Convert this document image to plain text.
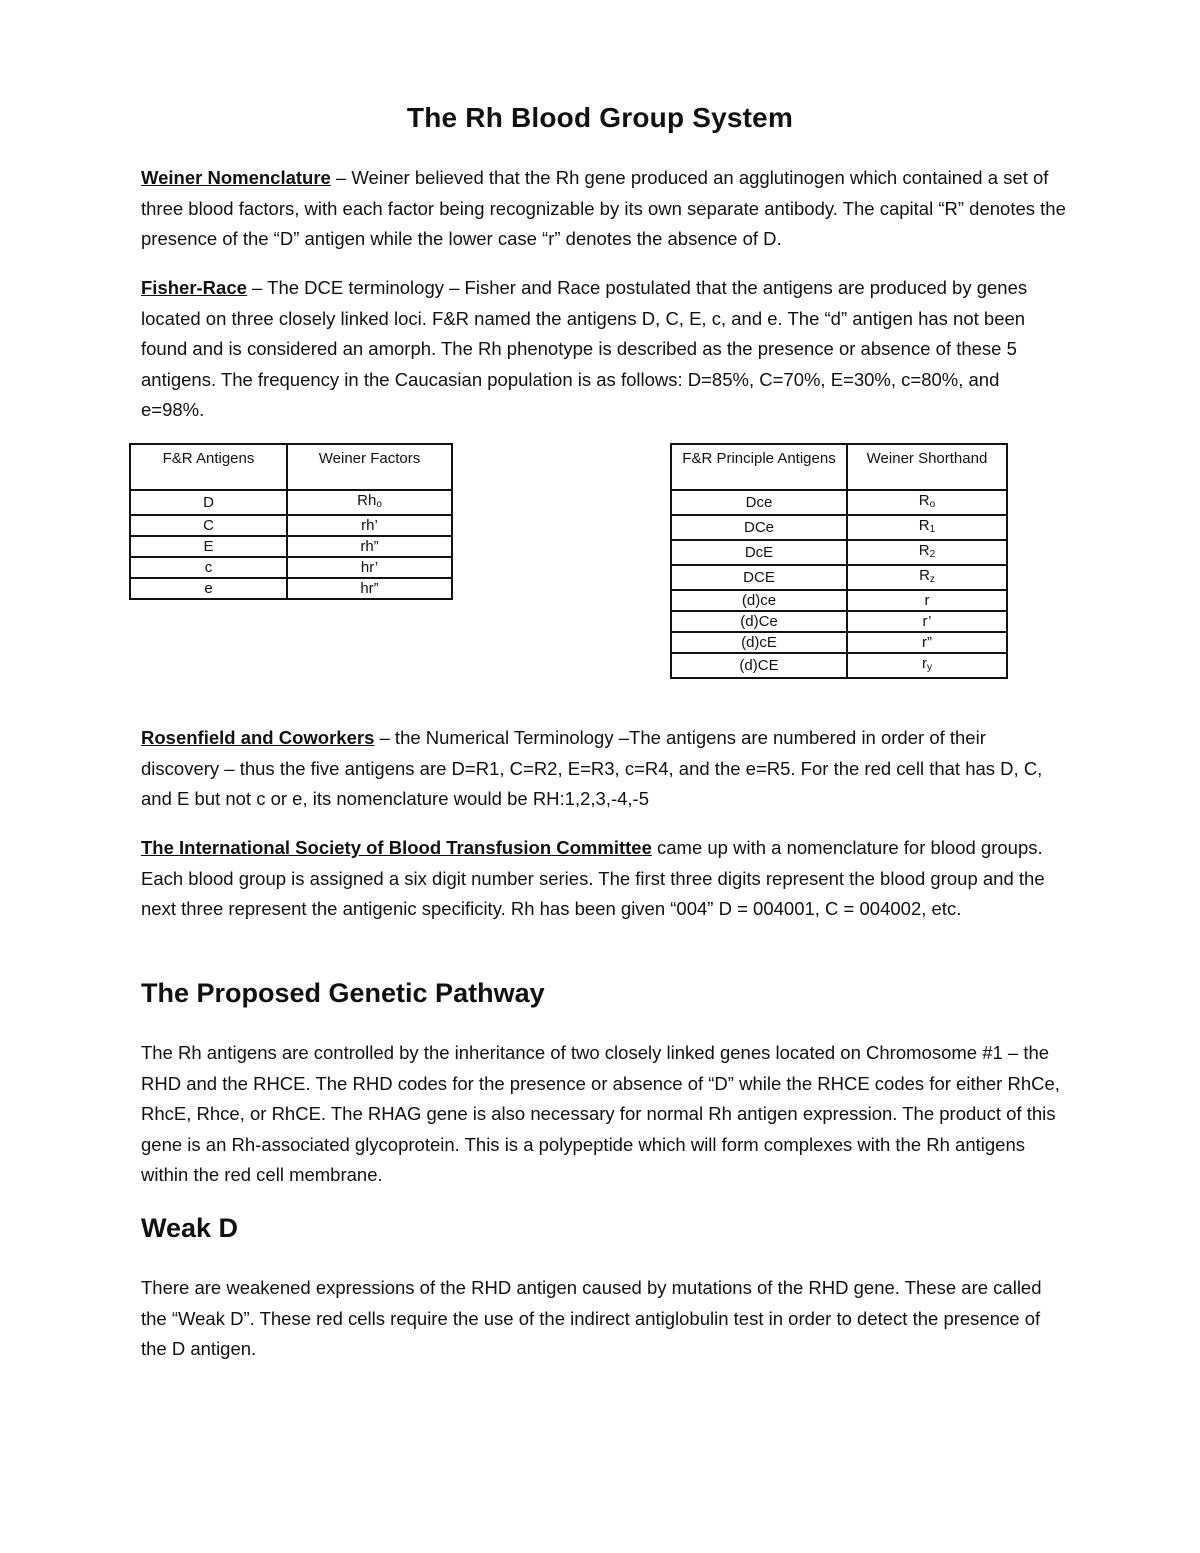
The Rh Blood Group System

Weiner Nomenclature – Weiner believed that the Rh gene produced an agglutinogen which contained a set of three blood factors, with each factor being recognizable by its own separate antibody. The capital “R” denotes the presence of the “D” antigen while the lower case “r” denotes the absence of D.

Fisher-Race – The DCE terminology – Fisher and Race postulated that the antigens are produced by genes located on three closely linked loci. F&R named the antigens D, C, E, c, and e. The “d” antigen has not been found and is considered an amorph. The Rh phenotype is described as the presence or absence of these 5 antigens. The frequency in the Caucasian population is as follows: D=85%, C=70%, E=30%, c=80%, and e=98%.

F&R Antigens	Weiner Factors
D	$Rh_o$
C	rh’
E	rh”
c	hr’
e	hr”
F&R Principle Antigens	Weiner Shorthand
Dce	$R_o$
DCe	$R_1$
DcE	$R_2$
DCE	$R_z$
(d)ce	r
(d)Ce	r’
(d)cE	r”
(d)CE	$r_y$

Rosenfield and Coworkers – the Numerical Terminology –The antigens are numbered in order of their discovery – thus the five antigens are D=R1, C=R2, E=R3, c=R4, and the e=R5. For the red cell that has D, C, and E but not c or e, its nomenclature would be RH:1,2,3,-4,-5

The International Society of Blood Transfusion Committee came up with a nomenclature for blood groups. Each blood group is assigned a six digit number series. The first three digits represent the blood group and the next three represent the antigenic specificity. Rh has been given “004” D = 004001, C = 004002, etc.

The Proposed Genetic Pathway

The Rh antigens are controlled by the inheritance of two closely linked genes located on Chromosome #1 – the RHD and the RHCE. The RHD codes for the presence or absence of “D” while the RHCE codes for either RhCe, RhcE, Rhce, or RhCE. The RHAG gene is also necessary for normal Rh antigen expression. The product of this gene is an Rh-associated glycoprotein. This is a polypeptide which will form complexes with the Rh antigens within the red cell membrane.

Weak D

There are weakened expressions of the RHD antigen caused by mutations of the RHD gene. These are called the “Weak D”. These red cells require the use of the indirect antiglobulin test in order to detect the presence of the D antigen.
